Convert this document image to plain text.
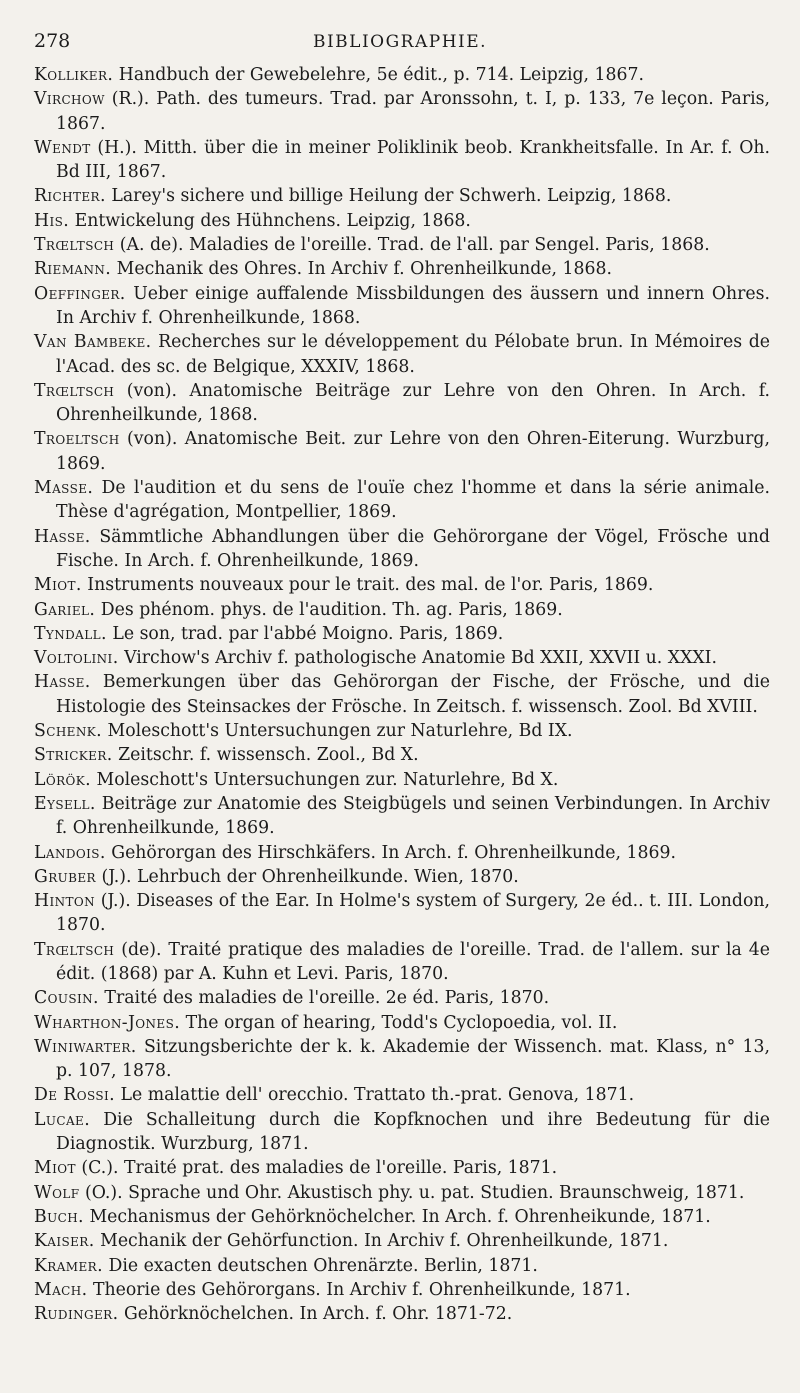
278	BIBLIOGRAPHIE.

Kolliker. Handbuch der Gewebelehre, 5e édit., p. 714. Leipzig, 1867.

Virchow (R.). Path. des tumeurs. Trad. par Aronssohn, t. I, p. 133, 7e leçon. Paris, 1867.

Wendt (H.). Mitth. über die in meiner Poliklinik beob. Krankheitsfalle. In Ar. f. Oh. Bd III, 1867.

Richter. Larey's sichere und billige Heilung der Schwerh. Leipzig, 1868.

His. Entwickelung des Hühnchens. Leipzig, 1868.

Trœltsch (A. de). Maladies de l'oreille. Trad. de l'all. par Sengel. Paris, 1868.

Riemann. Mechanik des Ohres. In Archiv f. Ohrenheilkunde, 1868.

Oeffinger. Ueber einige auffalende Missbildungen des äussern und innern Ohres. In Archiv f. Ohrenheilkunde, 1868.

Van Bambeke. Recherches sur le développement du Pélobate brun. In Mémoires de l'Acad. des sc. de Belgique, XXXIV, 1868.

Trœltsch (von). Anatomische Beiträge zur Lehre von den Ohren. In Arch. f. Ohrenheilkunde, 1868.

Troeltsch (von). Anatomische Beit. zur Lehre von den Ohren-Eiterung. Wurzburg, 1869.

Masse. De l'audition et du sens de l'ouïe chez l'homme et dans la série animale. Thèse d'agrégation, Montpellier, 1869.

Hasse. Sämmtliche Abhandlungen über die Gehörorgane der Vögel, Frösche und Fische. In Arch. f. Ohrenheilkunde, 1869.

Miot. Instruments nouveaux pour le trait. des mal. de l'or. Paris, 1869.

Gariel. Des phénom. phys. de l'audition. Th. ag. Paris, 1869.

Tyndall. Le son, trad. par l'abbé Moigno. Paris, 1869.

Voltolini. Virchow's Archiv f. pathologische Anatomie Bd XXII, XXVII u. XXXI.

Hasse. Bemerkungen über das Gehörorgan der Fische, der Frösche, und die Histologie des Steinsackes der Frösche. In Zeitsch. f. wissensch. Zool. Bd XVIII.

Schenk. Moleschott's Untersuchungen zur Naturlehre, Bd IX.

Stricker. Zeitschr. f. wissensch. Zool., Bd X.

Lörök. Moleschott's Untersuchungen zur. Naturlehre, Bd X.

Eysell. Beiträge zur Anatomie des Steigbügels und seinen Verbindungen. In Archiv f. Ohrenheilkunde, 1869.

Landois. Gehörorgan des Hirschkäfers. In Arch. f. Ohrenheilkunde, 1869.

Gruber (J.). Lehrbuch der Ohrenheilkunde. Wien, 1870.

Hinton (J.). Diseases of the Ear. In Holme's system of Surgery, 2e éd.. t. III. London, 1870.

Trœltsch (de). Traité pratique des maladies de l'oreille. Trad. de l'allem. sur la 4e édit. (1868) par A. Kuhn et Levi. Paris, 1870.

Cousin. Traité des maladies de l'oreille. 2e éd. Paris, 1870.

Wharthon-Jones. The organ of hearing, Todd's Cyclopoedia, vol. II.

Winiwarter. Sitzungsberichte der k. k. Akademie der Wissench. mat. Klass, n° 13, p. 107, 1878.

De Rossi. Le malattie dell' orecchio. Trattato th.-prat. Genova, 1871.

Lucae. Die Schalleitung durch die Kopfknochen und ihre Bedeutung für die Diagnostik. Wurzburg, 1871.

Miot (C.). Traité prat. des maladies de l'oreille. Paris, 1871.

Wolf (O.). Sprache und Ohr. Akustisch phy. u. pat. Studien. Braunschweig, 1871.

Buch. Mechanismus der Gehörknöchelcher. In Arch. f. Ohrenheikunde, 1871.

Kaiser. Mechanik der Gehörfunction. In Archiv f. Ohrenheilkunde, 1871.

Kramer. Die exacten deutschen Ohrenärzte. Berlin, 1871.

Mach. Theorie des Gehörorgans. In Archiv f. Ohrenheilkunde, 1871.

Rudinger. Gehörknöchelchen. In Arch. f. Ohr. 1871-72.
